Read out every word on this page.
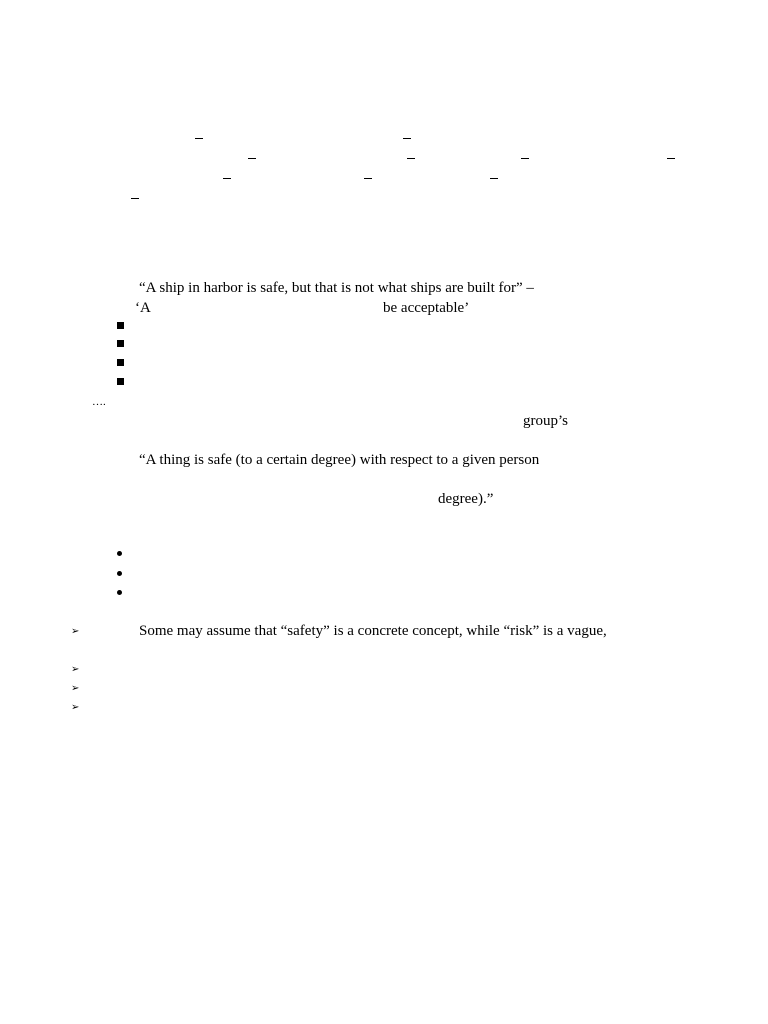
“A ship in harbor is safe, but that is not what ships are built for” –
‘A	be acceptable’
….
group’s
“A thing is safe (to a certain degree) with respect to a given person
degree).”
➢	Some may assume that “safety” is a concrete concept, while “risk” is a vague,
➢
➢
➢
